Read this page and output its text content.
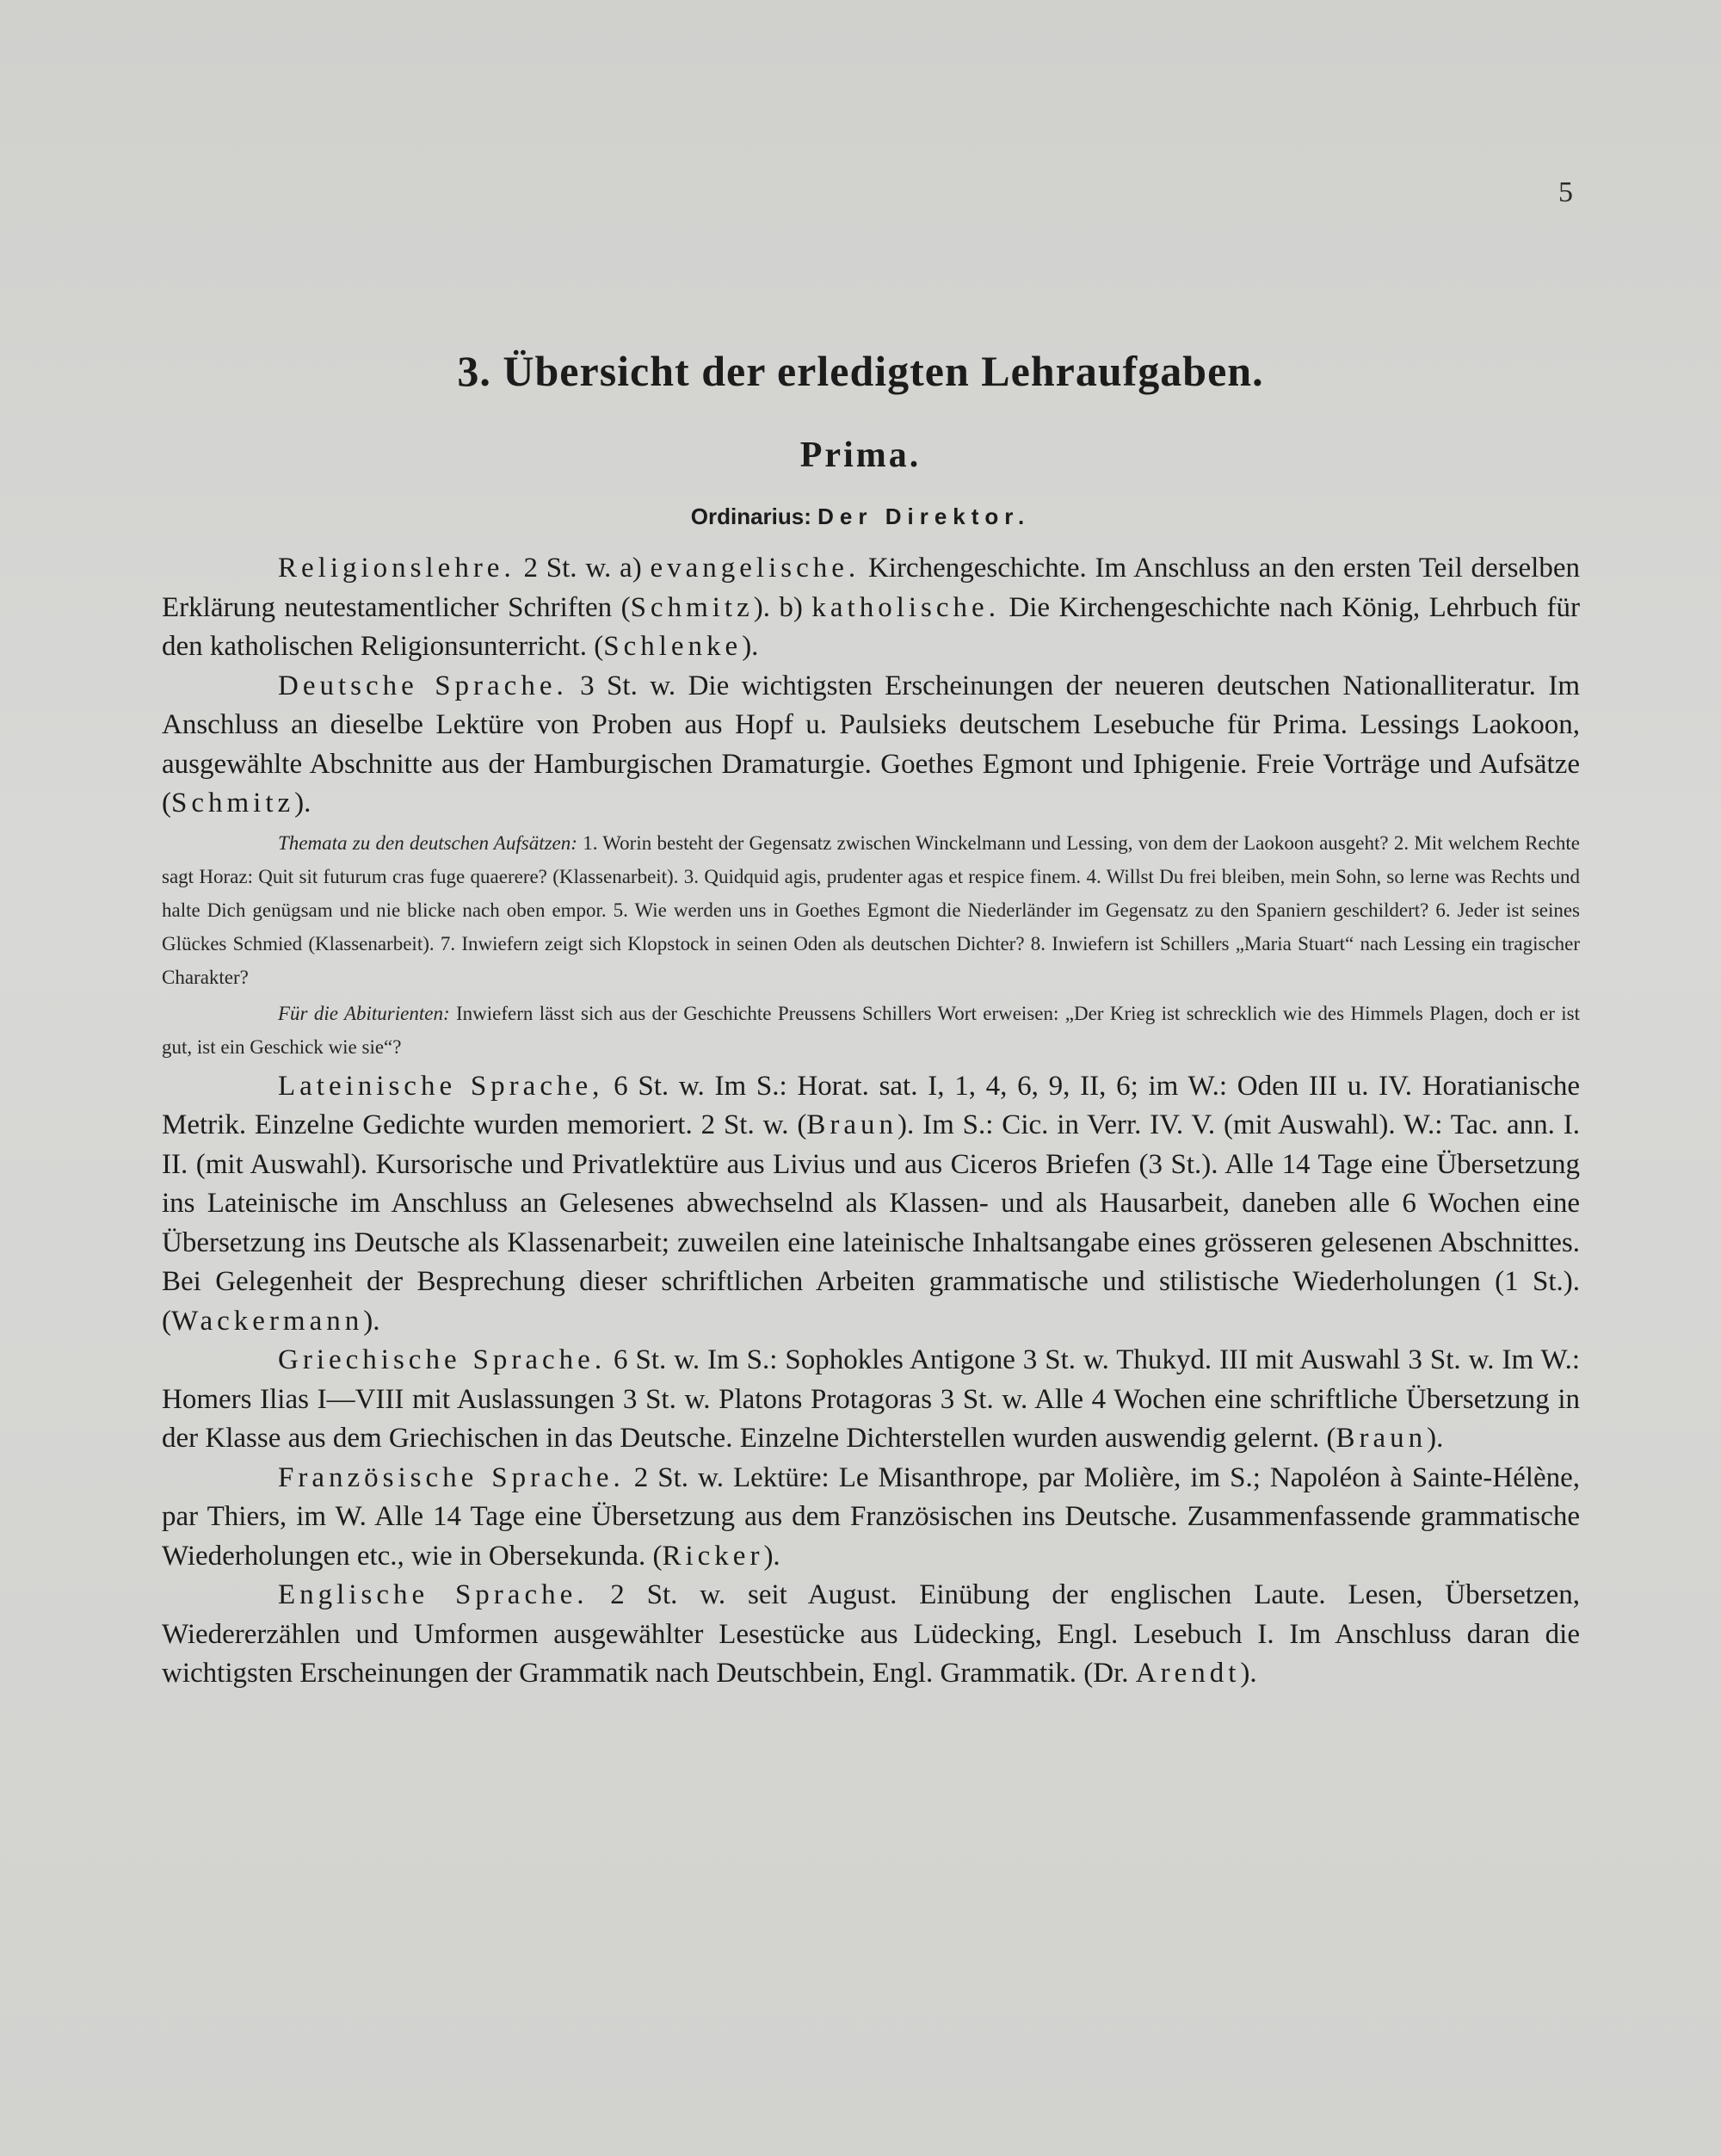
5
3. Übersicht der erledigten Lehraufgaben.
Prima.
Ordinarius: Der Direktor.

Religionslehre. 2 St. w. a) evangelische. Kirchengeschichte. Im Anschluss an den ersten Teil derselben Erklärung neutestamentlicher Schriften (Schmitz). b) katholische. Die Kirchengeschichte nach König, Lehrbuch für den katholischen Religionsunterricht. (Schlenke).

Deutsche Sprache. 3 St. w. Die wichtigsten Erscheinungen der neueren deutschen Nationalliteratur. Im Anschluss an dieselbe Lektüre von Proben aus Hopf u. Paulsieks deutschem Lesebuche für Prima. Lessings Laokoon, ausgewählte Abschnitte aus der Hamburgischen Dramaturgie. Goethes Egmont und Iphigenie. Freie Vorträge und Aufsätze (Schmitz).

Themata zu den deutschen Aufsätzen: 1. Worin besteht der Gegensatz zwischen Winckelmann und Lessing, von dem der Laokoon ausgeht? 2. Mit welchem Rechte sagt Horaz: Quit sit futurum cras fuge quaerere? (Klassenarbeit). 3. Quidquid agis, prudenter agas et respice finem. 4. Willst Du frei bleiben, mein Sohn, so lerne was Rechts und halte Dich genügsam und nie blicke nach oben empor. 5. Wie werden uns in Goethes Egmont die Niederländer im Gegensatz zu den Spaniern geschildert? 6. Jeder ist seines Glückes Schmied (Klassenarbeit). 7. Inwiefern zeigt sich Klopstock in seinen Oden als deutschen Dichter? 8. Inwiefern ist Schillers „Maria Stuart“ nach Lessing ein tragischer Charakter?

Für die Abiturienten: Inwiefern lässt sich aus der Geschichte Preussens Schillers Wort erweisen: „Der Krieg ist schrecklich wie des Himmels Plagen, doch er ist gut, ist ein Geschick wie sie“?

Lateinische Sprache, 6 St. w. Im S.: Horat. sat. I, 1, 4, 6, 9, II, 6; im W.: Oden III u. IV. Horatianische Metrik. Einzelne Gedichte wurden memoriert. 2 St. w. (Braun). Im S.: Cic. in Verr. IV. V. (mit Auswahl). W.: Tac. ann. I. II. (mit Auswahl). Kursorische und Privatlektüre aus Livius und aus Ciceros Briefen (3 St.). Alle 14 Tage eine Übersetzung ins Lateinische im Anschluss an Gelesenes abwechselnd als Klassen- und als Hausarbeit, daneben alle 6 Wochen eine Übersetzung ins Deutsche als Klassenarbeit; zuweilen eine lateinische Inhaltsangabe eines grösseren gelesenen Abschnittes. Bei Gelegenheit der Besprechung dieser schriftlichen Arbeiten grammatische und stilistische Wiederholungen (1 St.). (Wackermann).

Griechische Sprache. 6 St. w. Im S.: Sophokles Antigone 3 St. w. Thukyd. III mit Auswahl 3 St. w. Im W.: Homers Ilias I—VIII mit Auslassungen 3 St. w. Platons Protagoras 3 St. w. Alle 4 Wochen eine schriftliche Übersetzung in der Klasse aus dem Griechischen in das Deutsche. Einzelne Dichterstellen wurden auswendig gelernt. (Braun).

Französische Sprache. 2 St. w. Lektüre: Le Misanthrope, par Molière, im S.; Napoléon à Sainte-Hélène, par Thiers, im W. Alle 14 Tage eine Übersetzung aus dem Französischen ins Deutsche. Zusammenfassende grammatische Wiederholungen etc., wie in Obersekunda. (Ricker).

Englische Sprache. 2 St. w. seit August. Einübung der englischen Laute. Lesen, Übersetzen, Wiedererzählen und Umformen ausgewählter Lesestücke aus Lüdecking, Engl. Lesebuch I. Im Anschluss daran die wichtigsten Erscheinungen der Grammatik nach Deutschbein, Engl. Grammatik. (Dr. Arendt).
